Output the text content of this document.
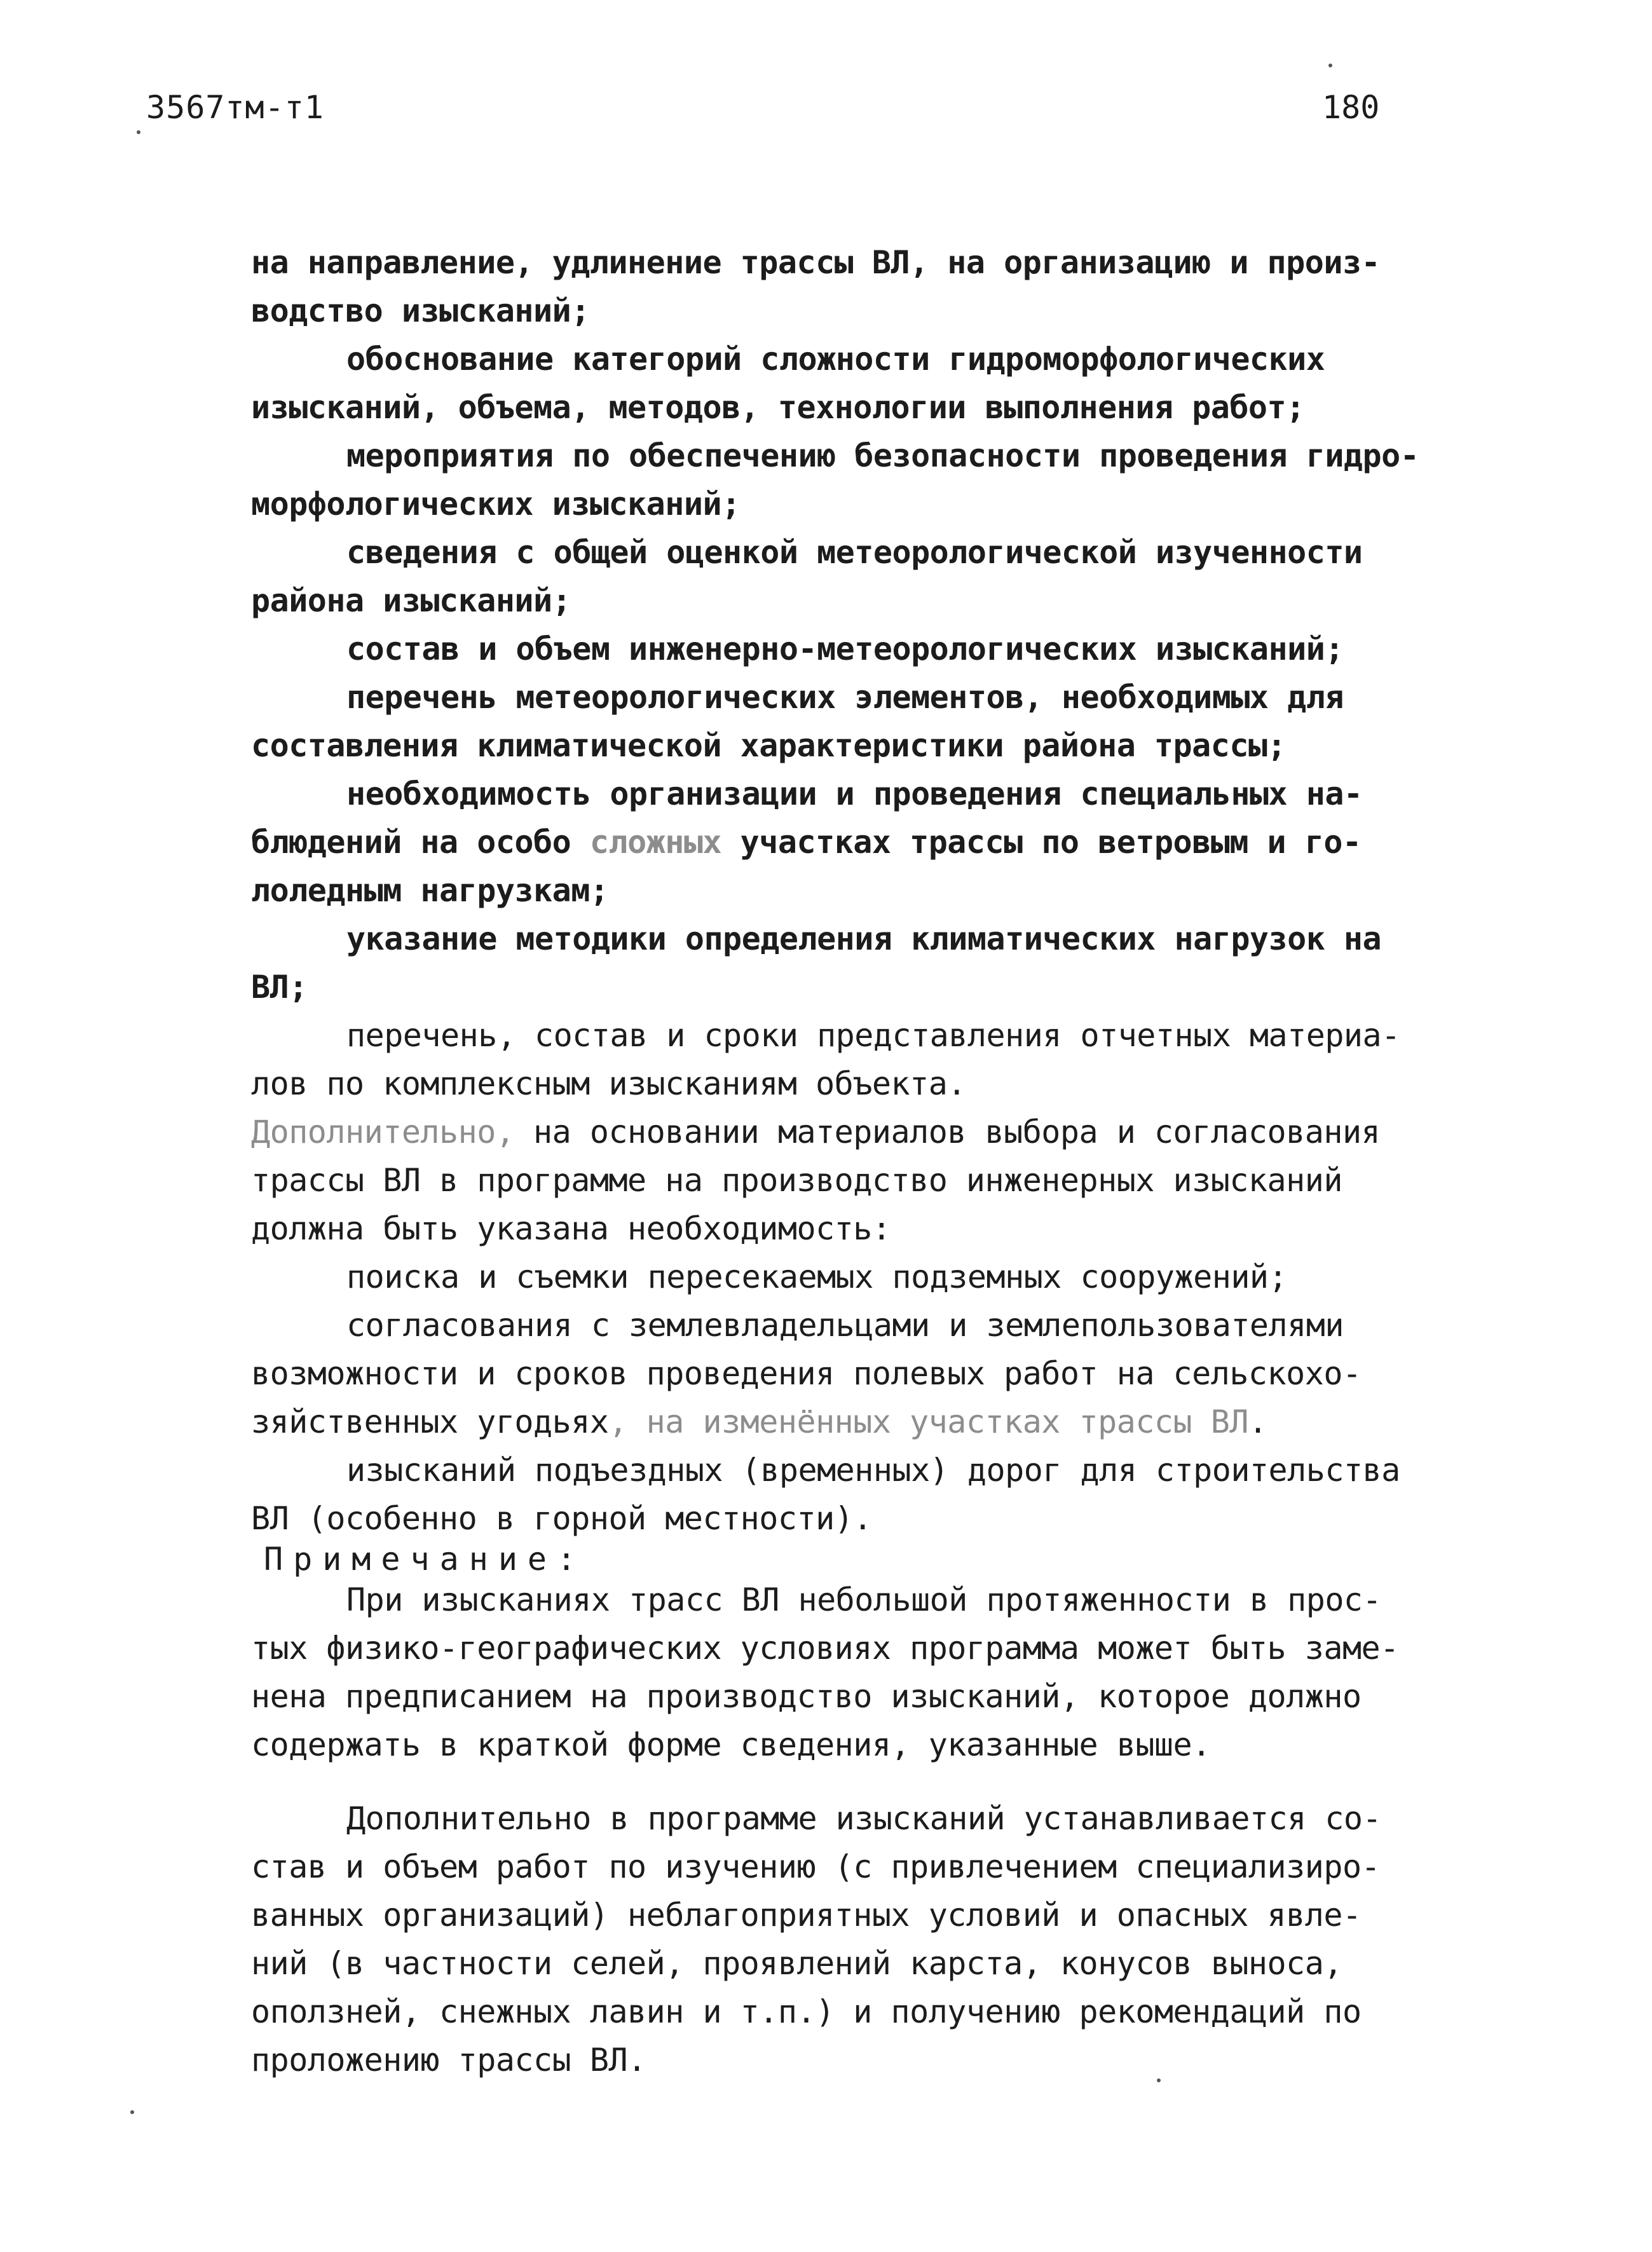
3567тм-т1	180
на направление, удлинение трассы ВЛ, на организацию и произ-
водство изысканий;
обоснование категорий сложности гидроморфологических
изысканий, объема, методов, технологии выполнения работ;
мероприятия по обеспечению безопасности проведения гидро-
морфологических изысканий;
сведения с общей оценкой метеорологической изученности
района изысканий;
состав и объем инженерно-метеорологических изысканий;
перечень метеорологических элементов, необходимых для
составления климатической характеристики района трассы;
необходимость организации и проведения специальных на-
блюдений на особо сложных участках трассы по ветровым и го-
лоледным нагрузкам;
указание методики определения климатических нагрузок на
ВЛ;
перечень, состав и сроки представления отчетных материа-
лов по комплексным изысканиям объекта.
Дополнительно, на основании материалов выбора и согласования
трассы ВЛ в программе на производство инженерных изысканий
должна быть указана необходимость:
поиска и съемки пересекаемых подземных сооружений;
согласования с землевладельцами и землепользователями
возможности и сроков проведения полевых работ на сельскохо-
зяйственных угодьях, на изменённых участках трассы ВЛ.
изысканий подъездных (временных) дорог для строительства
ВЛ (особенно в горной местности).
Примечание:
При изысканиях трасс ВЛ небольшой протяженности в прос-
тых физико-географических условиях программа может быть заме-
нена предписанием на производство изысканий, которое должно
содержать в краткой форме сведения, указанные выше.
Дополнительно в программе изысканий устанавливается со-
став и объем работ по изучению (с привлечением специализиро-
ванных организаций) неблагоприятных условий и опасных явле-
ний (в частности селей, проявлений карста, конусов выноса,
оползней, снежных лавин и т.п.) и получению рекомендаций по
проложению трассы ВЛ.
